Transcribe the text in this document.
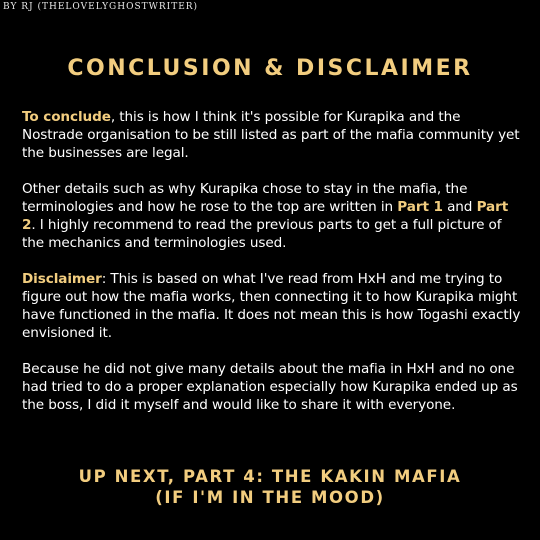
BY RJ (THELOVELYGHOSTWRITER)
CONCLUSION & DISCLAIMER

To conclude, this is how I think it's possible for Kurapika and the Nostrade organisation to be still listed as part of the mafia community yet the businesses are legal.

Other details such as why Kurapika chose to stay in the mafia, the terminologies and how he rose to the top are written in Part 1 and Part 2. I highly recommend to read the previous parts to get a full picture of the mechanics and terminologies used.

Disclaimer: This is based on what I've read from HxH and me trying to figure out how the mafia works, then connecting it to how Kurapika might have functioned in the mafia. It does not mean this is how Togashi exactly envisioned it.

Because he did not give many details about the mafia in HxH and no one had tried to do a proper explanation especially how Kurapika ended up as the boss, I did it myself and would like to share it with everyone.

UP NEXT, PART 4: THE KAKIN MAFIA
(IF I'M IN THE MOOD)
